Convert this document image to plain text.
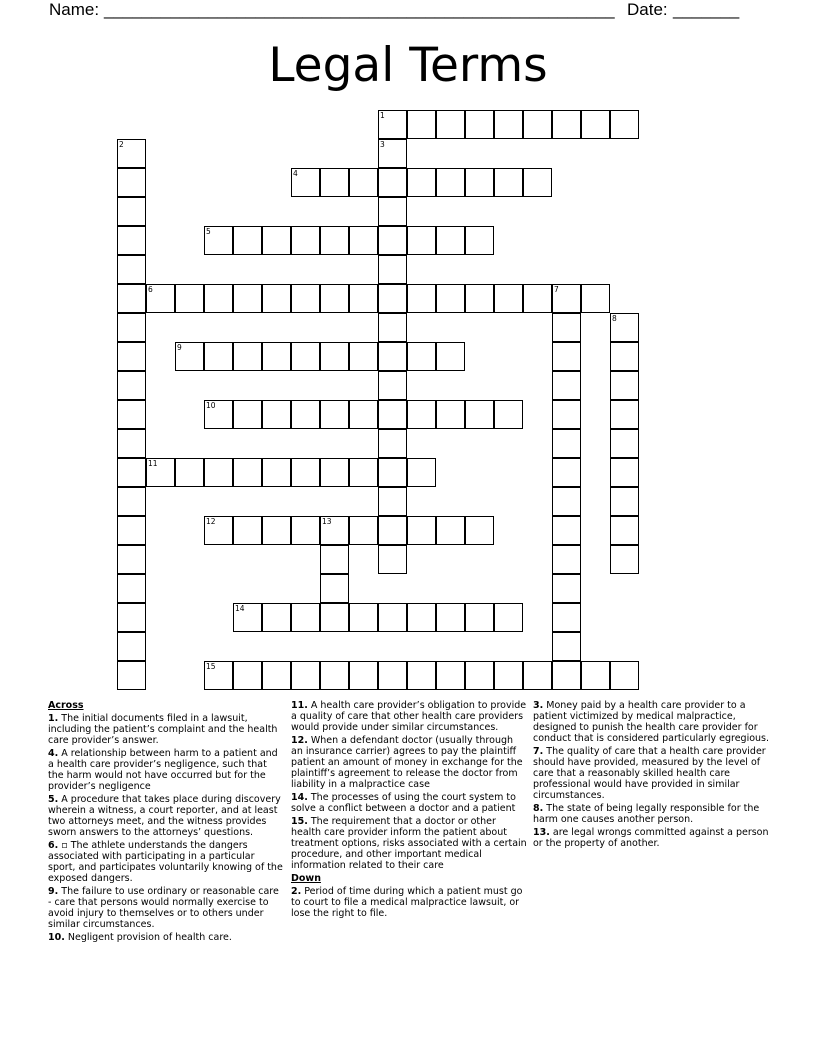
Name: ______________________________________________________ Date: _______
Legal Terms
1
2	3
4
5
6	7
8
9
10
11
12	13
14
15
Across
1. The initial documents filed in a lawsuit, including the patient’s complaint and the health care provider’s answer.
4. A relationship between harm to a patient and a health care provider’s negligence, such that the harm would not have occurred but for the provider’s negligence
5. A procedure that takes place during discovery wherein a witness, a court reporter, and at least two attorneys meet, and the witness provides sworn answers to the attorneys’ questions.
6. ▫ The athlete understands the dangers associated with participating in a particular sport, and participates voluntarily knowing of the exposed dangers.
9. The failure to use ordinary or reasonable care - care that persons would normally exercise to avoid injury to themselves or to others under similar circumstances.
10. Negligent provision of health care.
11. A health care provider’s obligation to provide a quality of care that other health care providers would provide under similar circumstances.
12. When a defendant doctor (usually through an insurance carrier) agrees to pay the plaintiff patient an amount of money in exchange for the plaintiff’s agreement to release the doctor from liability in a malpractice case
14. The processes of using the court system to solve a conflict between a doctor and a patient
15. The requirement that a doctor or other health care provider inform the patient about treatment options, risks associated with a certain procedure, and other important medical information related to their care
Down
2. Period of time during which a patient must go to court to file a medical malpractice lawsuit, or lose the right to file.
3. Money paid by a health care provider to a patient victimized by medical malpractice, designed to punish the health care provider for conduct that is considered particularly egregious.
7. The quality of care that a health care provider should have provided, measured by the level of care that a reasonably skilled health care professional would have provided in similar circumstances.
8. The state of being legally responsible for the harm one causes another person.
13. are legal wrongs committed against a person or the property of another.
